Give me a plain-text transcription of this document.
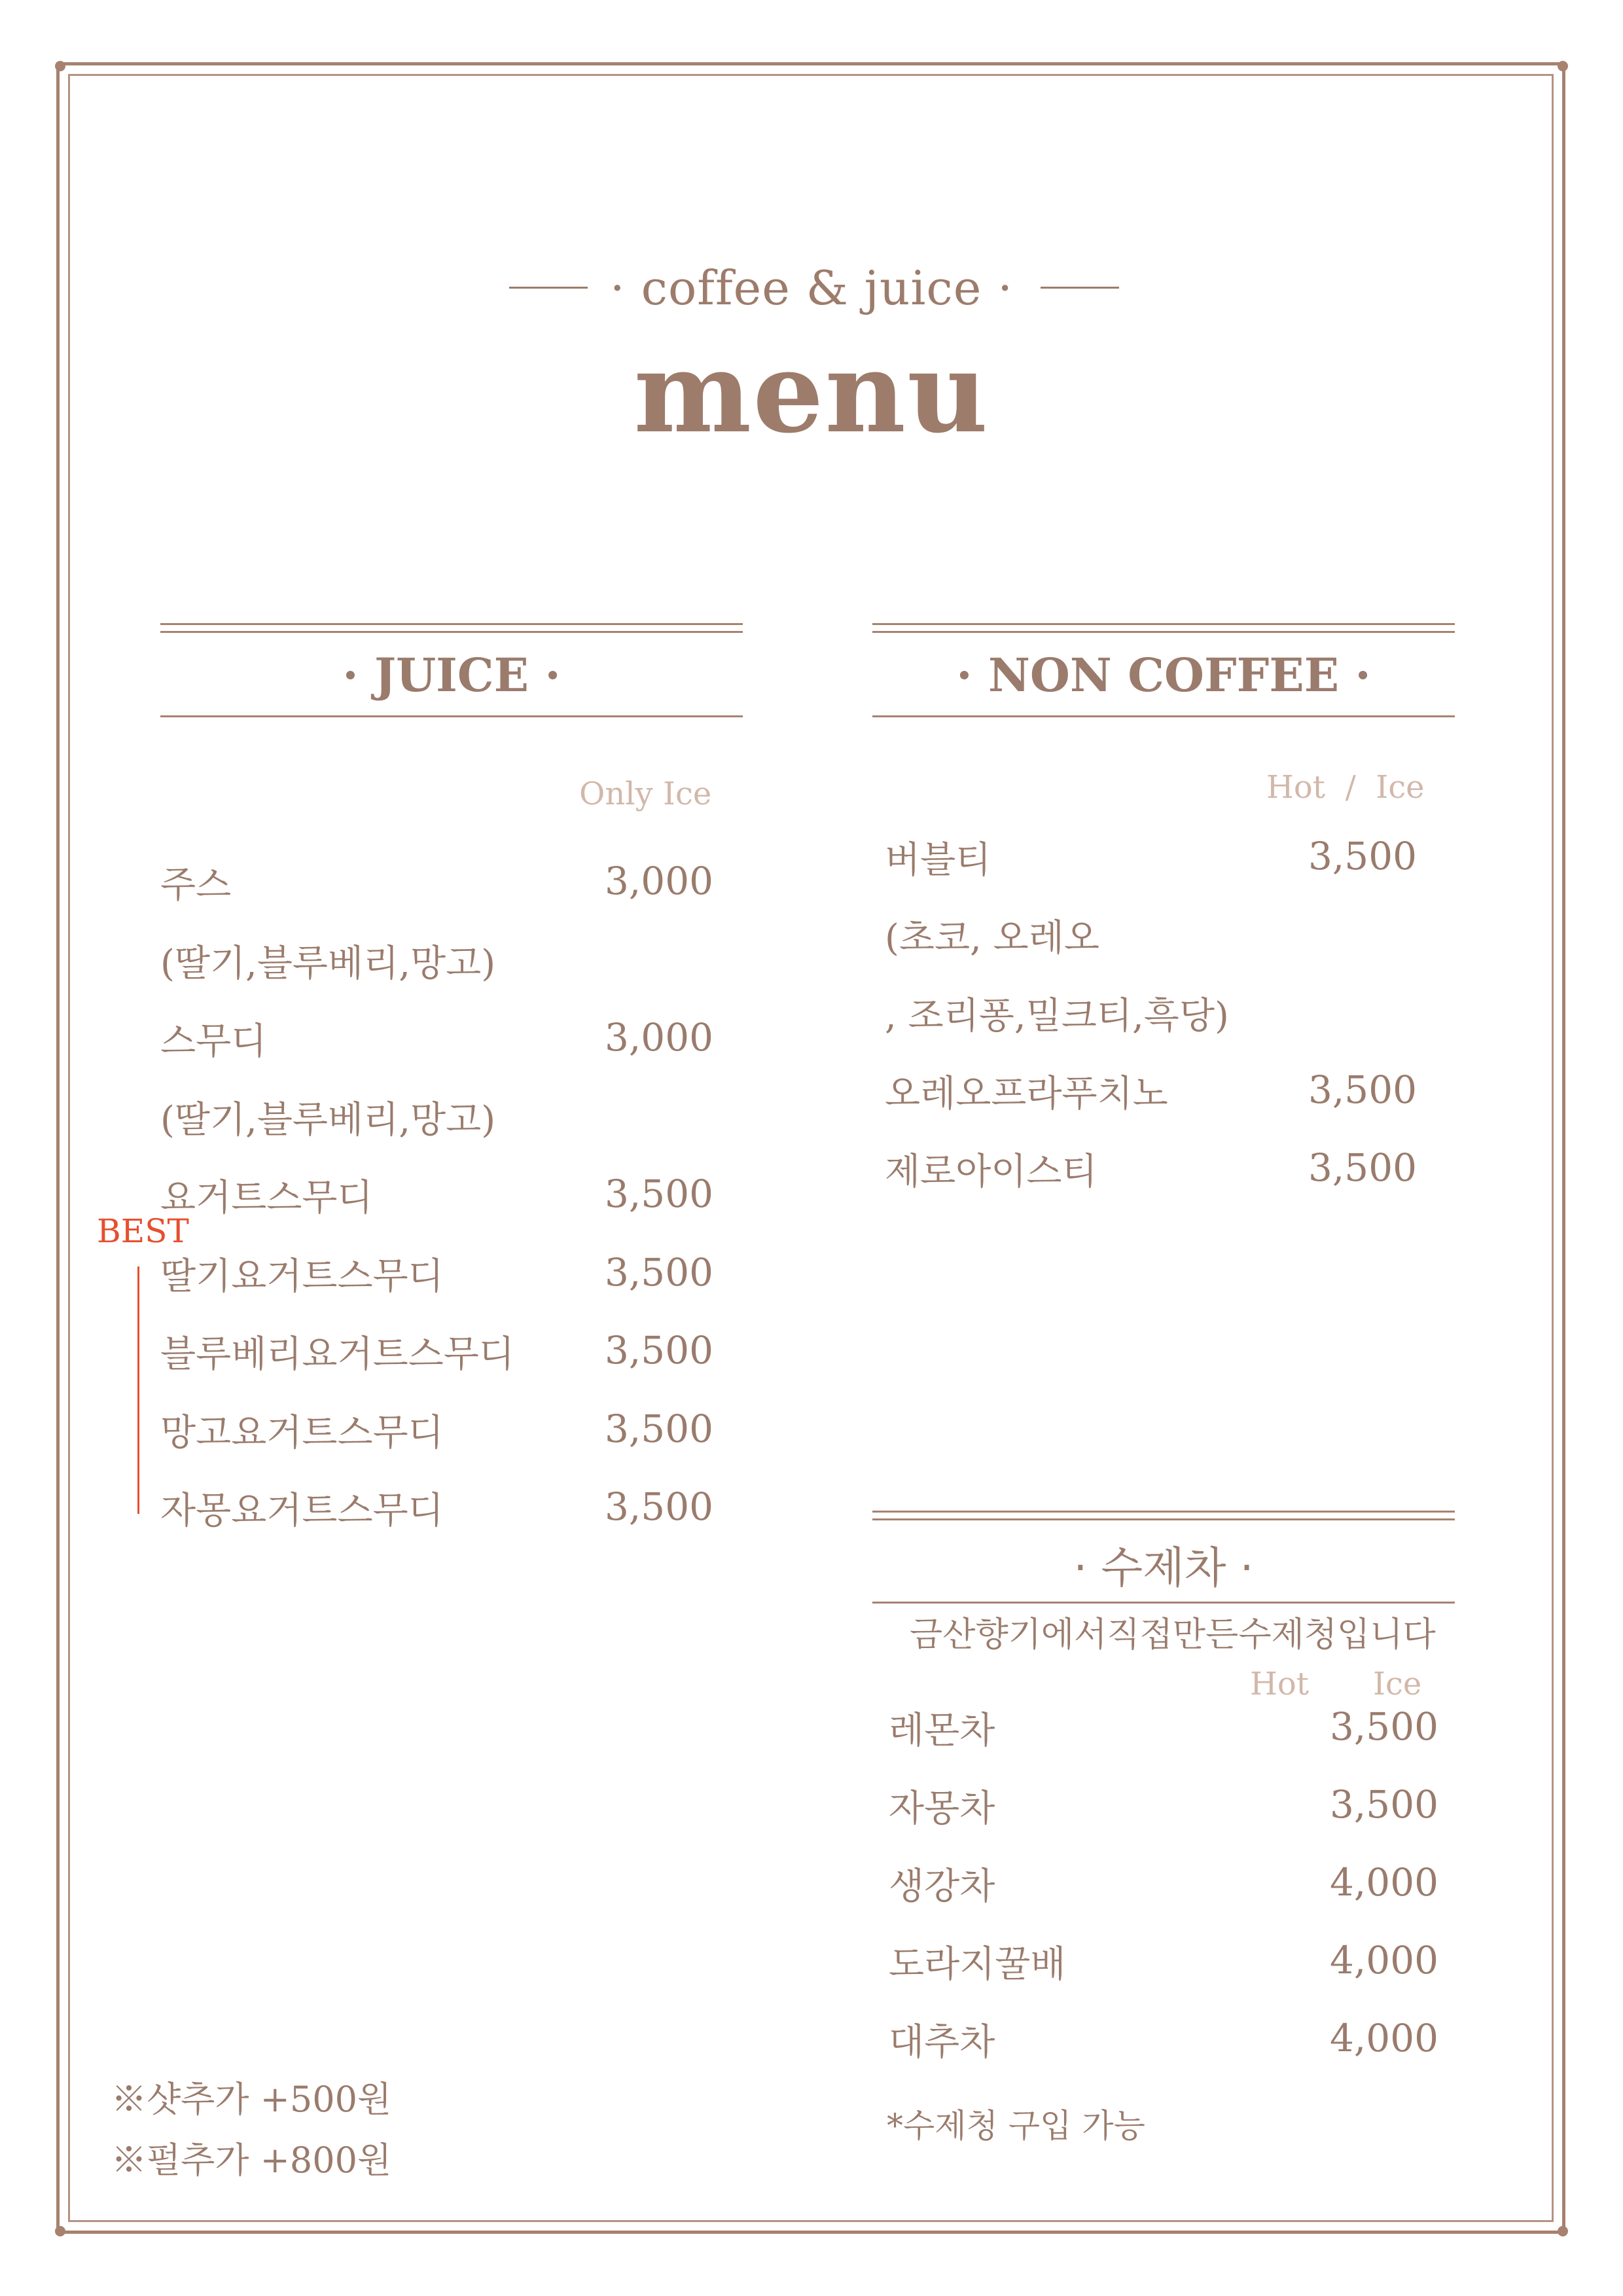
· coffee & juice ·
menu
· JUICE ·
Only Ice
주스	3,000
(딸기,블루베리,망고)
스무디	3,000
(딸기,블루베리,망고)
요거트스무디	3,500
딸기요거트스무디	3,500
블루베리요거트스무디	3,500
망고요거트스무디	3,500
자몽요거트스무디	3,500
BEST
· NON COFFEE ·
Hot  /  Ice
버블티	3,500
(초코, 오레오
, 조리퐁,밀크티,흑당)
오레오프라푸치노	3,500
제로아이스티	3,500
· 수제차 ·
금산향기에서직접만든수제청입니다
Hot Ice
레몬차	3,500
자몽차	3,500
생강차	4,000
도라지꿀배	4,000
대추차	4,000
*수제청 구입 가능
※샷추가 +500원
※펄추가 +800원
